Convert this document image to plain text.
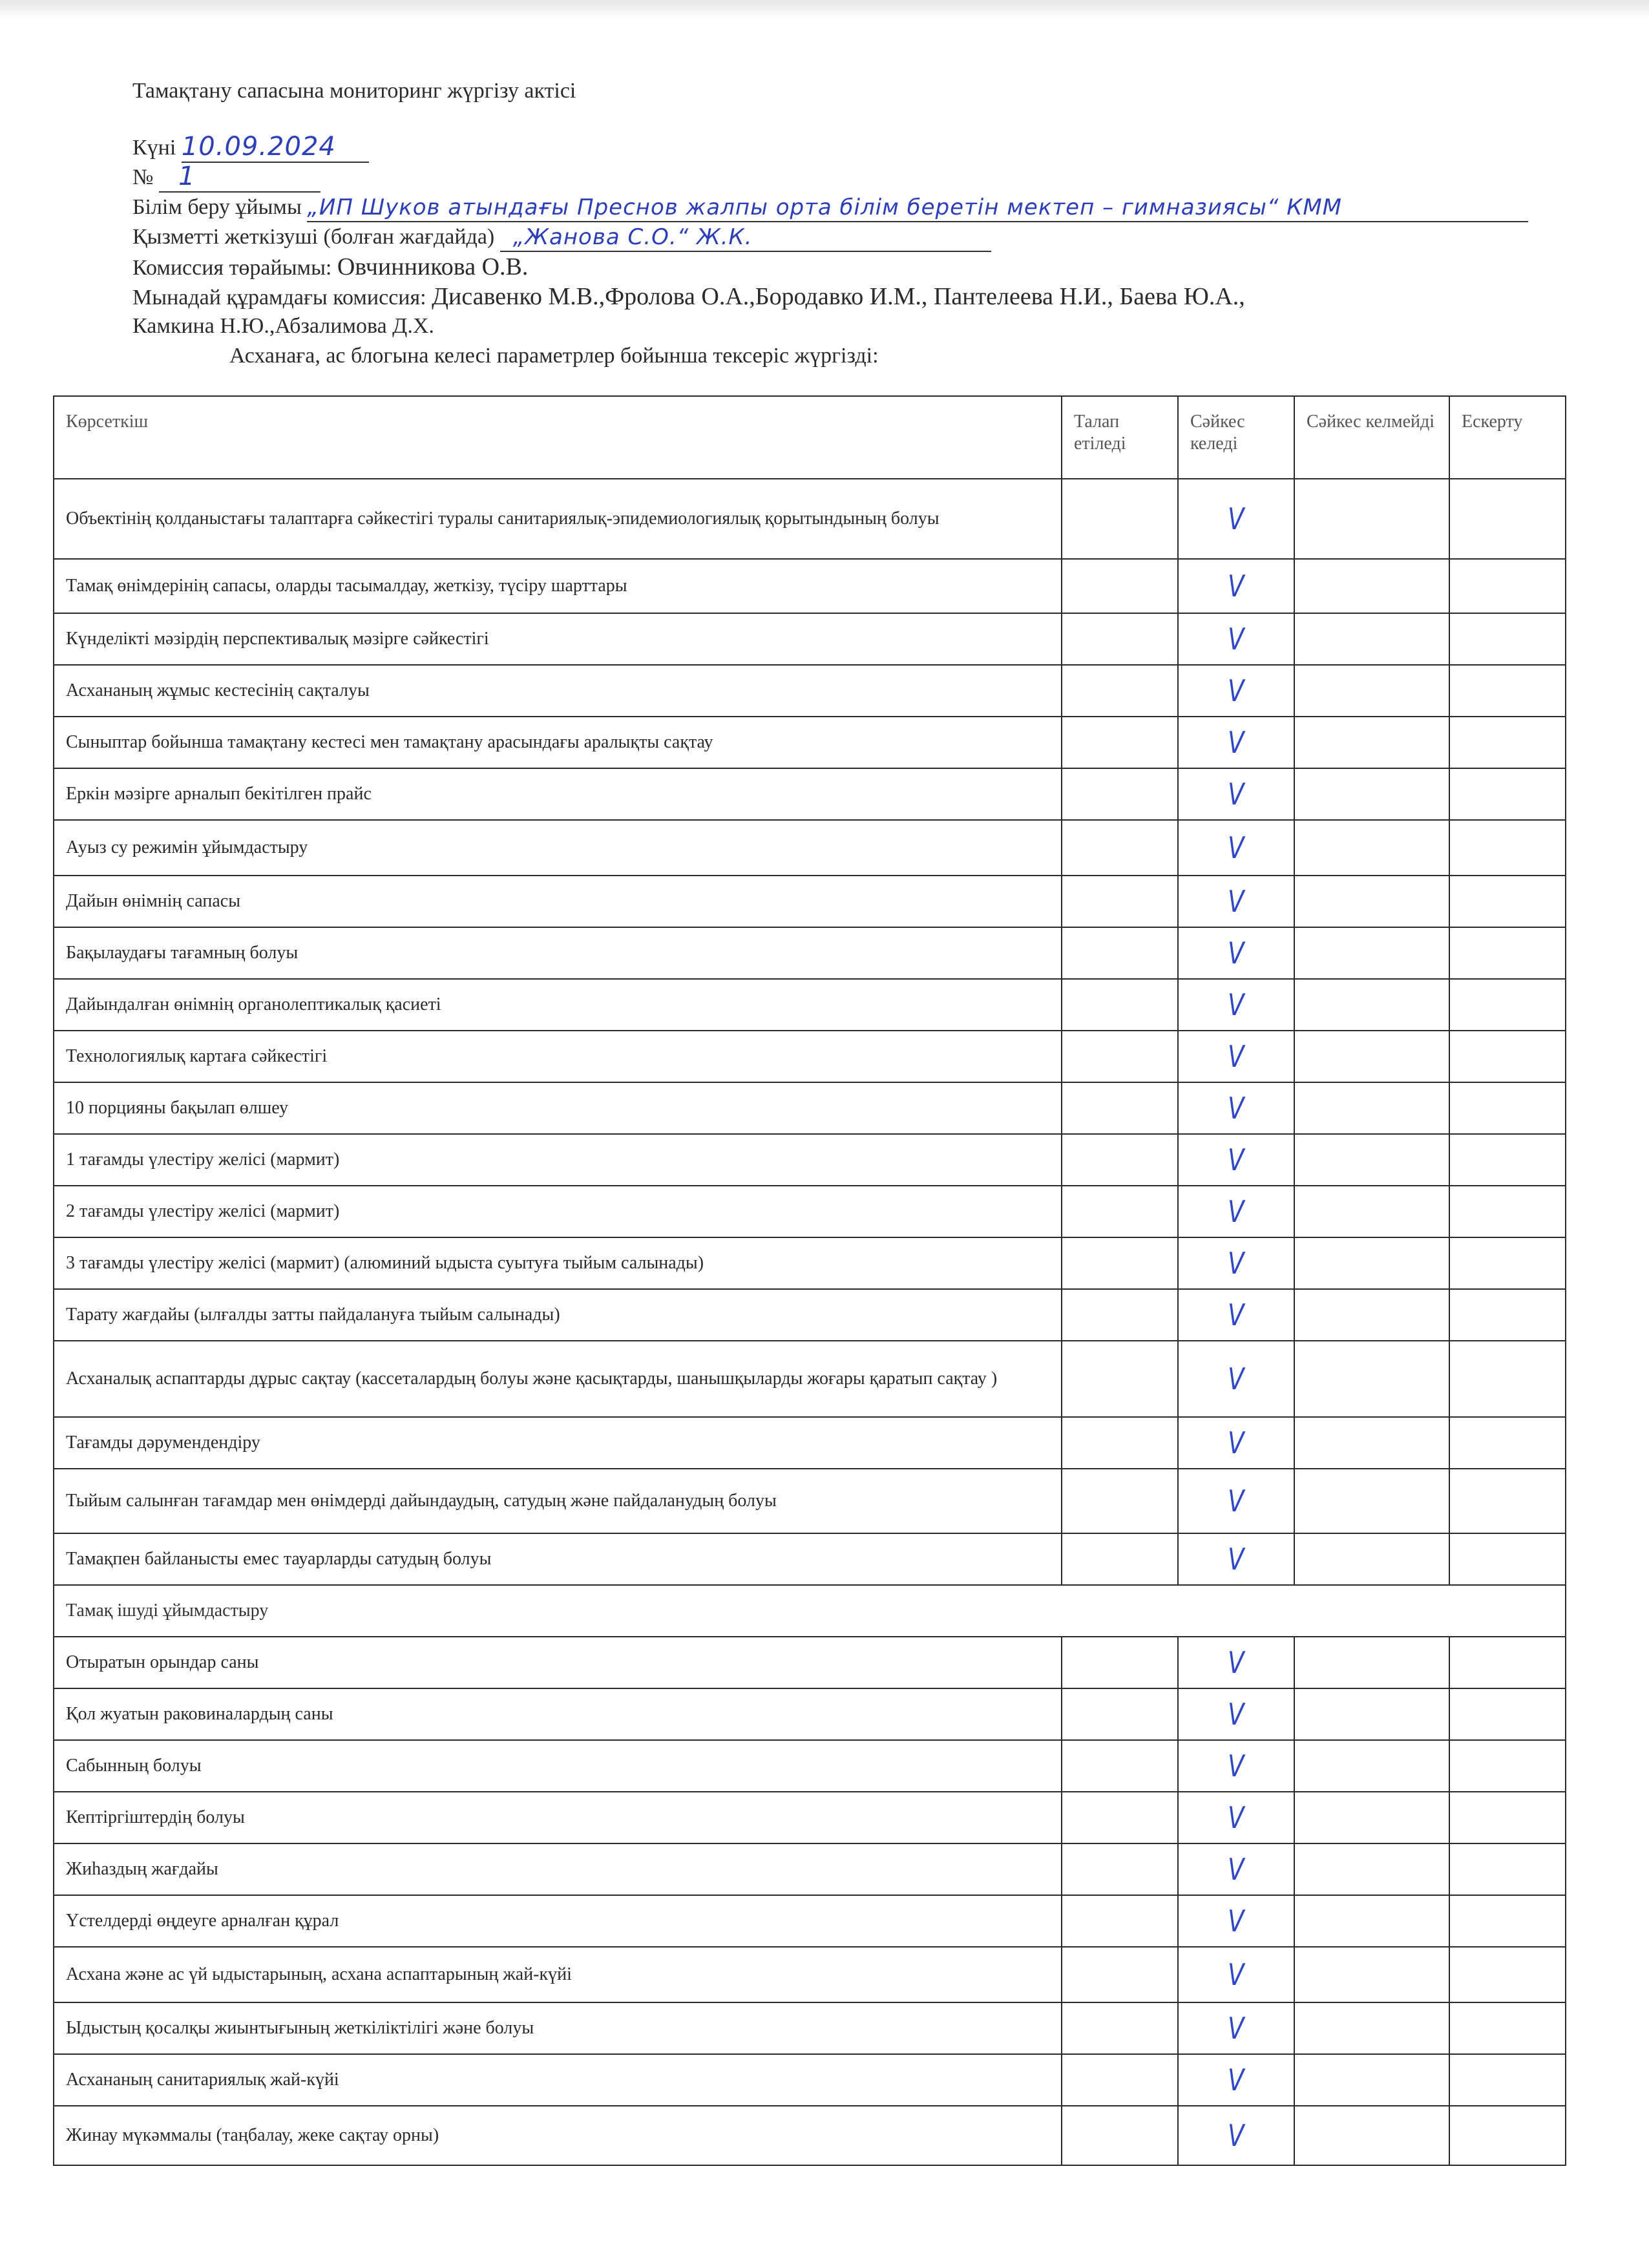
Тамақтану сапасына мониторинг жүргізу актісі
Күні 10.09.2024
№ 1
Білім беру ұйымы „ИП Шуков атындағы Преснов жалпы орта білім беретін мектеп – гимназиясы“ КММ
Қызметті жеткізуші (болған жағдайда) „Жанова С.О.“ Ж.К.
Комиссия төрайымы: Овчинникова О.В.
Мынадай құрамдағы комиссия: Дисавенко М.В.,Фролова О.А.,Бородавко И.М., Пантелеева Н.И., Баева Ю.А.,
Камкина Н.Ю.,Абзалимова Д.Х.
Асханаға, ас блогына келесі параметрлер бойынша тексеріс жүргізді:
Көрсеткіш	Талап етіледі	Сәйкес келеді	Сәйкес келмейді	Ескерту
Объектінің қолданыстағы талаптарға сәйкестігі туралы санитариялық-эпидемиологиялық қорытындының болуы		V		
Тамақ өнімдерінің сапасы, оларды тасымалдау, жеткізу, түсіру шарттары		V		
Күнделікті мәзірдің перспективалық мәзірге сәйкестігі		V		
Асхананың жұмыс кестесінің сақталуы		V		
Сыныптар бойынша тамақтану кестесі мен тамақтану арасындағы аралықты сақтау		V		
Еркін мәзірге арналып бекітілген прайс		V		
Ауыз су режимін ұйымдастыру		V		
Дайын өнімнің сапасы		V		
Бақылаудағы тағамның болуы		V		
Дайындалған өнімнің органолептикалық қасиеті		V		
Технологиялық картаға сәйкестігі		V		
10 порцияны бақылап өлшеу		V		
1 тағамды үлестіру желісі (мармит)		V		
2 тағамды үлестіру желісі (мармит)		V		
3 тағамды үлестіру желісі (мармит) (алюминий ыдыста суытуға тыйым салынады)		V		
Тарату жағдайы (ылғалды затты пайдалануға тыйым салынады)		V		
Асханалық аспаптарды дұрыс сақтау (кассеталардың болуы және қасықтарды, шанышқыларды жоғары қаратып сақтау )		V		
Тағамды дәрумендендіру		V		
Тыйым салынған тағамдар мен өнімдерді дайындаудың, сатудың және пайдаланудың болуы		V		
Тамақпен байланысты емес тауарларды сатудың болуы		V		
Тамақ ішуді ұйымдастыру				
Отыратын орындар саны		V		
Қол жуатын раковиналардың саны		V		
Сабынның болуы		V		
Кептіргіштердің болуы		V		
Жиһаздың жағдайы		V		
Үстелдерді өңдеуге арналған құрал		V		
Асхана және ас үй ыдыстарының, асхана аспаптарының жай-күйі		V		
Ыдыстың қосалқы жиынтығының жеткіліктілігі және болуы		V		
Асхананың санитариялық жай-күйі		V		
Жинау мүкәммалы (таңбалау, жеке сақтау орны)		V		
